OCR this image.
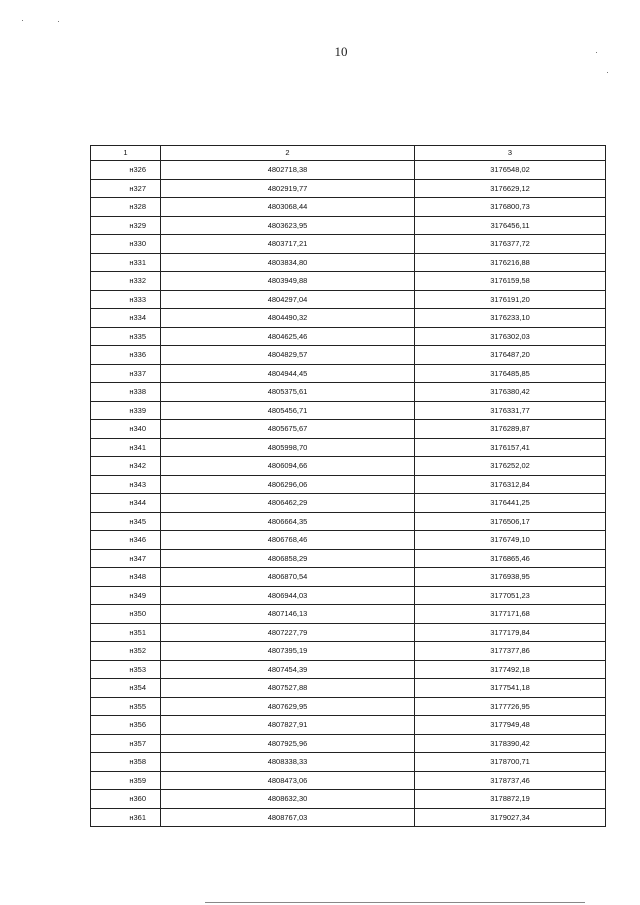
10
1	2	3
н326	4802718,38	3176548,02
н327	4802919,77	3176629,12
н328	4803068,44	3176800,73
н329	4803623,95	3176456,11
н330	4803717,21	3176377,72
н331	4803834,80	3176216,88
н332	4803949,88	3176159,58
н333	4804297,04	3176191,20
н334	4804490,32	3176233,10
н335	4804625,46	3176302,03
н336	4804829,57	3176487,20
н337	4804944,45	3176485,85
н338	4805375,61	3176380,42
н339	4805456,71	3176331,77
н340	4805675,67	3176289,87
н341	4805998,70	3176157,41
н342	4806094,66	3176252,02
н343	4806296,06	3176312,84
н344	4806462,29	3176441,25
н345	4806664,35	3176506,17
н346	4806768,46	3176749,10
н347	4806858,29	3176865,46
н348	4806870,54	3176938,95
н349	4806944,03	3177051,23
н350	4807146,13	3177171,68
н351	4807227,79	3177179,84
н352	4807395,19	3177377,86
н353	4807454,39	3177492,18
н354	4807527,88	3177541,18
н355	4807629,95	3177726,95
н356	4807827,91	3177949,48
н357	4807925,96	3178390,42
н358	4808338,33	3178700,71
н359	4808473,06	3178737,46
н360	4808632,30	3178872,19
н361	4808767,03	3179027,34
